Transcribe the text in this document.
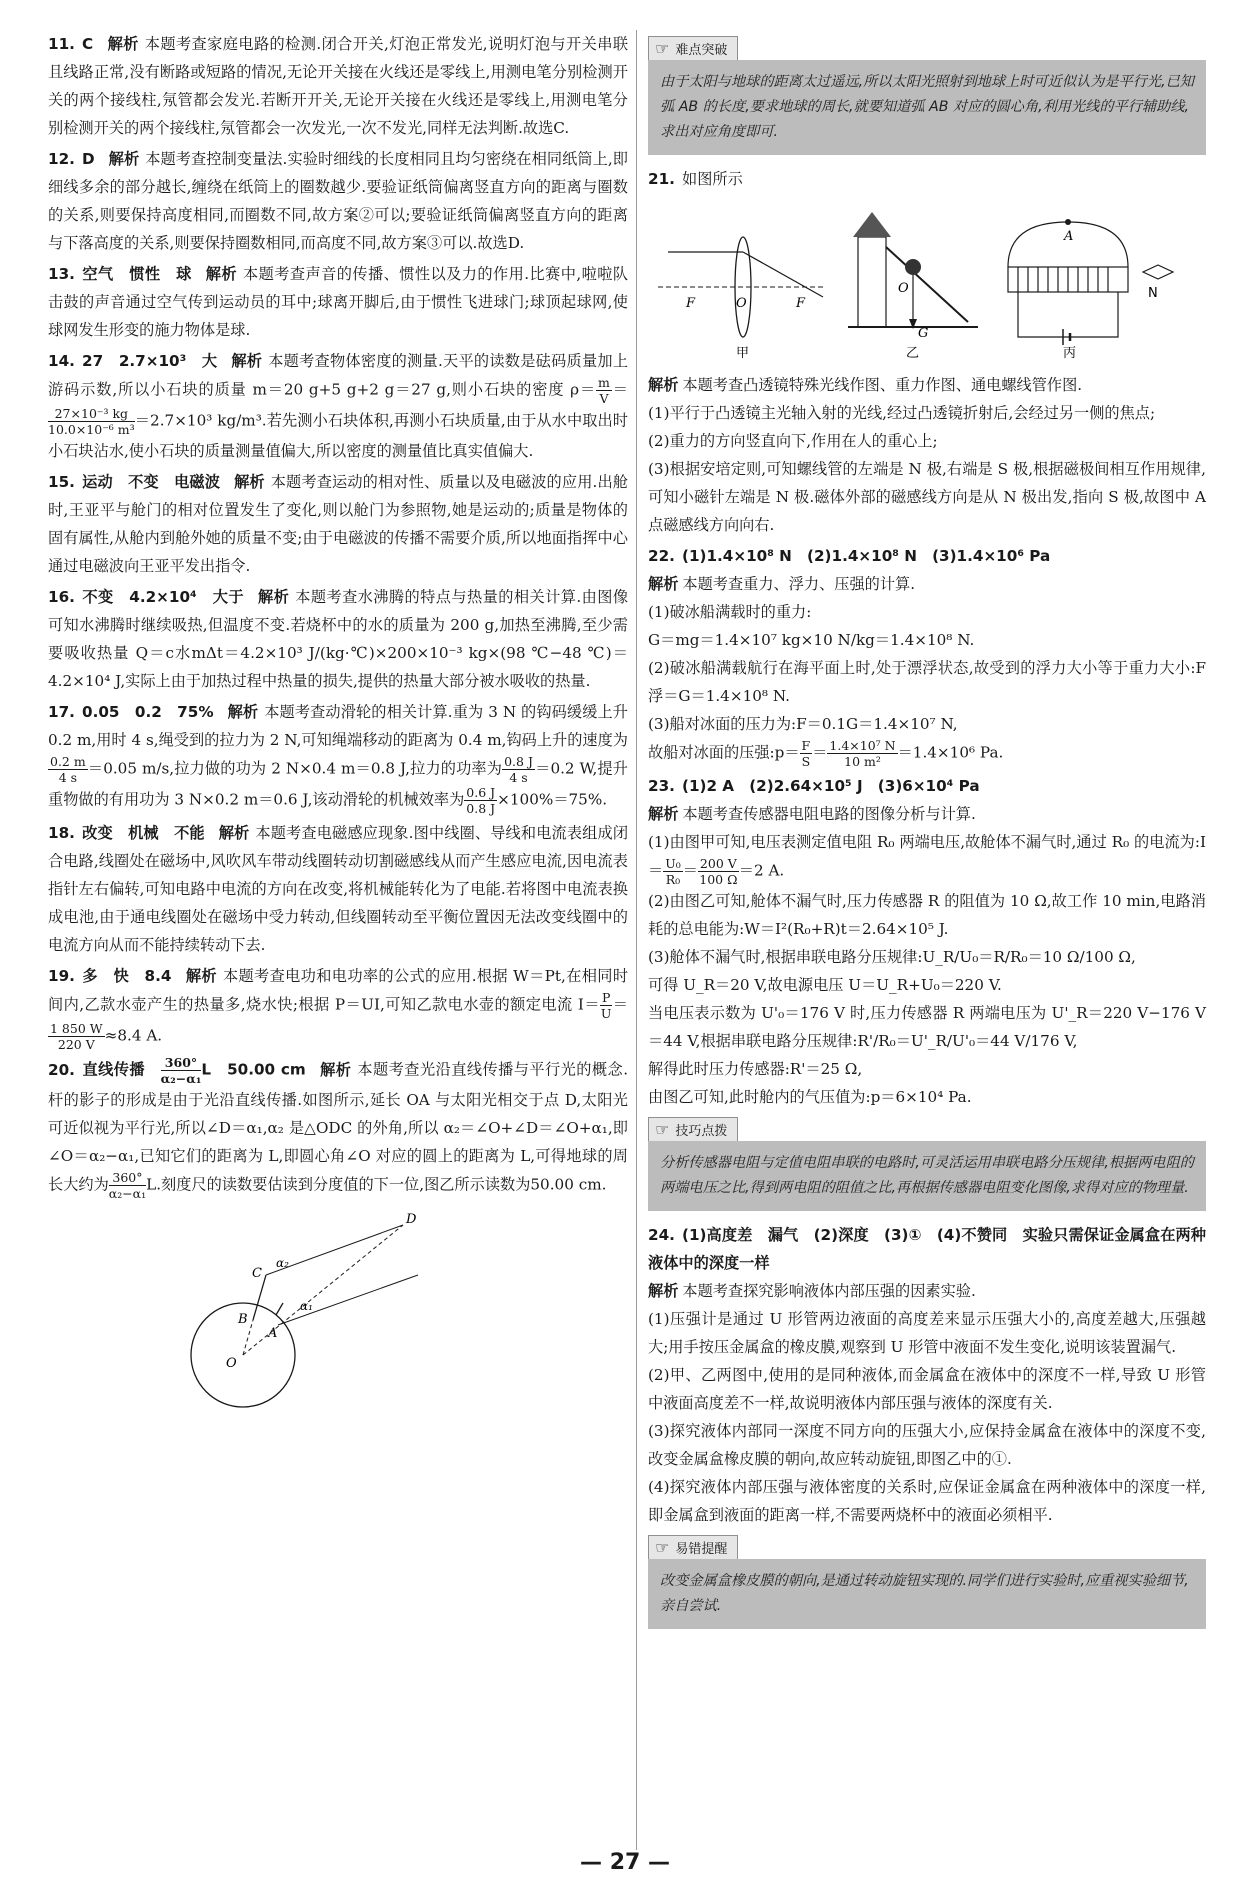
11. C 解析 本题考查家庭电路的检测.闭合开关,灯泡正常发光,说明灯泡与开关串联且线路正常,没有断路或短路的情况,无论开关接在火线还是零线上,用测电笔分别检测开关的两个接线柱,氖管都会发光.若断开开关,无论开关接在火线还是零线上,用测电笔分别检测开关的两个接线柱,氖管都会一次发光,一次不发光,同样无法判断.故选C.
12. D 解析 本题考查控制变量法.实验时细线的长度相同且均匀密绕在相同纸筒上,即细线多余的部分越长,缠绕在纸筒上的圈数越少.要验证纸筒偏离竖直方向的距离与圈数的关系,则要保持高度相同,而圈数不同,故方案②可以;要验证纸筒偏离竖直方向的距离与下落高度的关系,则要保持圈数相同,而高度不同,故方案③可以.故选D.
13. 空气　惯性　球 解析 本题考查声音的传播、惯性以及力的作用.比赛中,啦啦队击鼓的声音通过空气传到运动员的耳中;球离开脚后,由于惯性飞进球门;球顶起球网,使球网发生形变的施力物体是球.
14. 27　2.7×10³　大 解析 本题考查物体密度的测量.天平的读数是砝码质量加上游码示数,所以小石块的质量 m＝20 g+5 g+2 g＝27 g,则小石块的密度 $\rho= \frac{m}{V}$ ＝
$\frac{\text{27×10⁻³ kg}}{\text{10.0×10⁻⁶ m³}} =2.7\times 10^3$ kg/m³.若先测小石块体积,再测小石块质量,由于从水中取出时小石块沾水,使小石块的质量测量值偏大,所以密度的测量值比真实值偏大.
15. 运动　不变　电磁波 解析 本题考查运动的相对性、质量以及电磁波的应用.出舱时,王亚平与舱门的相对位置发生了变化,则以舱门为参照物,她是运动的;质量是物体的固有属性,从舱内到舱外她的质量不变;由于电磁波的传播不需要介质,所以地面指挥中心通过电磁波向王亚平发出指令.
16. 不变　4.2×10⁴　大于 解析 本题考查水沸腾的特点与热量的相关计算.由图像可知水沸腾时继续吸热,但温度不变.若烧杯中的水的质量为 200 g,加热至沸腾,至少需要吸收热量 Q＝c水mΔt＝4.2×10³ J/(kg·℃)×200×10⁻³ kg×(98 ℃−48 ℃)＝4.2×10⁴ J,实际上由于加热过程中热量的损失,提供的热量大部分被水吸收的热量.
17. 0.05　0.2　75% 解析 本题考查动滑轮的相关计算.重为 3 N 的钩码缓缓上升 0.2 m,用时 4 s,绳受到的拉力为 2 N,可知绳端移动的距离为 0.4 m,钩码上升的速度为
$\frac{0.2 m}{4 s} =0.05$ m/s,拉力做的功为 2 N×0.4 m＝0.8 J,拉力的功率为 $\frac{0.8 J}{4 s} =0.2$ W,提升重物做的有用功为 3 N×0.2 m＝0.6 J,该动滑轮的机械效率为 $\frac{0.6 J}{0.8 J} \times 100\%=75\%$.
18. 改变　机械　不能 解析 本题考查电磁感应现象.图中线圈、导线和电流表组成闭合电路,线圈处在磁场中,风吹风车带动线圈转动切割磁感线从而产生感应电流,因电流表指针左右偏转,可知电路中电流的方向在改变,将机械能转化为了电能.若将图中电流表换成电池,由于通电线圈处在磁场中受力转动,但线圈转动至平衡位置因无法改变线圈中的电流方向从而不能持续转动下去.
19. 多　快　8.4 解析 本题考查电功和电功率的公式的应用.根据 W＝Pt,在相同时间内,乙款水壶产生的热量多,烧水快;根据 P＝UI,可知乙款电水壶的额定电流 $I= \frac{P}{U}$ ＝
$\frac{1 850 W}{220 V} \approx 8.4$ A.
20. 直线传播　 $\frac{360^\circ}{\text{α₂−α₁}}$ L　50.00 cm 解析 本题考查光沿直线传播与平行光的概念.杆的影子的形成是由于光沿直线传播.如图所示,延长 OA 与太阳光相交于点 D,太阳光可近似视为平行光,所以∠D＝α₁,α₂ 是△ODC 的外角,所以 α₂＝∠O+∠D＝∠O+α₁,即∠O＝α₂−α₁,已知它们的距离为 L,即圆心角∠O 对应的圆上的距离为 L,可得地球的周长大约为 $\frac{360^\circ}{\text{α₂−α₁}} L$.刻度尺的读数要估读到分度值的下一位,图乙所示读数为50.00 cm.
D
C
B
A
O
α₂
α₁
☞ 难点突破
由于太阳与地球的距离太过遥远,所以太阳光照射到地球上时可近似认为是平行光,已知弧 AB 的长度,要求地球的周长,就要知道弧 AB 对应的圆心角,利用光线的平行辅助线,求出对应角度即可.
21. 如图所示
F	O	F
甲
O
G
乙
A
N
丙

解析 本题考查凸透镜特殊光线作图、重力作图、通电螺线管作图.

(1)平行于凸透镜主光轴入射的光线,经过凸透镜折射后,会经过另一侧的焦点;

(2)重力的方向竖直向下,作用在人的重心上;

(3)根据安培定则,可知螺线管的左端是 N 极,右端是 S 极,根据磁极间相互作用规律,可知小磁针左端是 N 极.磁体外部的磁感线方向是从 N 极出发,指向 S 极,故图中 A 点磁感线方向向右.

22. (1)1.4×10⁸ N　(2)1.4×10⁸ N　(3)1.4×10⁶ Pa

解析 本题考查重力、浮力、压强的计算.

(1)破冰船满载时的重力:

G＝mg＝1.4×10⁷ kg×10 N/kg＝1.4×10⁸ N.

(2)破冰船满载航行在海平面上时,处于漂浮状态,故受到的浮力大小等于重力大小:F浮＝G＝1.4×10⁸ N.

(3)船对冰面的压力为:F＝0.1G＝1.4×10⁷ N,

故船对冰面的压强:p＝ $\frac{F}{S} = \frac{\text{1.4×10⁷ N}}{\text{10 m²}} =1.4\times 10^6$ Pa.

23. (1)2 A　(2)2.64×10⁵ J　(3)6×10⁴ Pa

解析 本题考查传感器电阻电路的图像分析与计算.

(1)由图甲可知,电压表测定值电阻 R₀ 两端电压,故舱体不漏气时,通过 R₀ 的电流为:I＝ $\frac{\text{U₀}}{\text{R₀}} = \frac{200 V}{100 \Omega} =2$ A.

(2)由图乙可知,舱体不漏气时,压力传感器 R 的阻值为 10 Ω,故工作 10 min,电路消耗的总电能为:W＝I²(R₀+R)t＝2.64×10⁵ J.

(3)舱体不漏气时,根据串联电路分压规律:U_R/U₀＝R/R₀＝10 Ω/100 Ω,

可得 U_R＝20 V,故电源电压 U＝U_R+U₀＝220 V.

当电压表示数为 U'₀＝176 V 时,压力传感器 R 两端电压为 U'_R＝220 V−176 V＝44 V,根据串联电路分压规律:R'/R₀＝U'_R/U'₀＝44 V/176 V,

解得此时压力传感器:R'＝25 Ω,

由图乙可知,此时舱内的气压值为:p＝6×10⁴ Pa.

☞ 技巧点拨
分析传感器电阻与定值电阻串联的电路时,可灵活运用串联电路分压规律,根据两电阻的两端电压之比,得到两电阻的阻值之比,再根据传感器电阻变化图像,求得对应的物理量.

24. (1)高度差　漏气　(2)深度　(3)①　(4)不赞同　实验只需保证金属盒在两种液体中的深度一样

解析 本题考查探究影响液体内部压强的因素实验.

(1)压强计是通过 U 形管两边液面的高度差来显示压强大小的,高度差越大,压强越大;用手按压金属盒的橡皮膜,观察到 U 形管中液面不发生变化,说明该装置漏气.

(2)甲、乙两图中,使用的是同种液体,而金属盒在液体中的深度不一样,导致 U 形管中液面高度差不一样,故说明液体内部压强与液体的深度有关.

(3)探究液体内部同一深度不同方向的压强大小,应保持金属盒在液体中的深度不变,改变金属盒橡皮膜的朝向,故应转动旋钮,即图乙中的①.

(4)探究液体内部压强与液体密度的关系时,应保证金属盒在两种液体中的深度一样,即金属盒到液面的距离一样,不需要两烧杯中的液面必须相平.

☞ 易错提醒
改变金属盒橡皮膜的朝向,是通过转动旋钮实现的.同学们进行实验时,应重视实验细节,亲自尝试.
— 27 —
